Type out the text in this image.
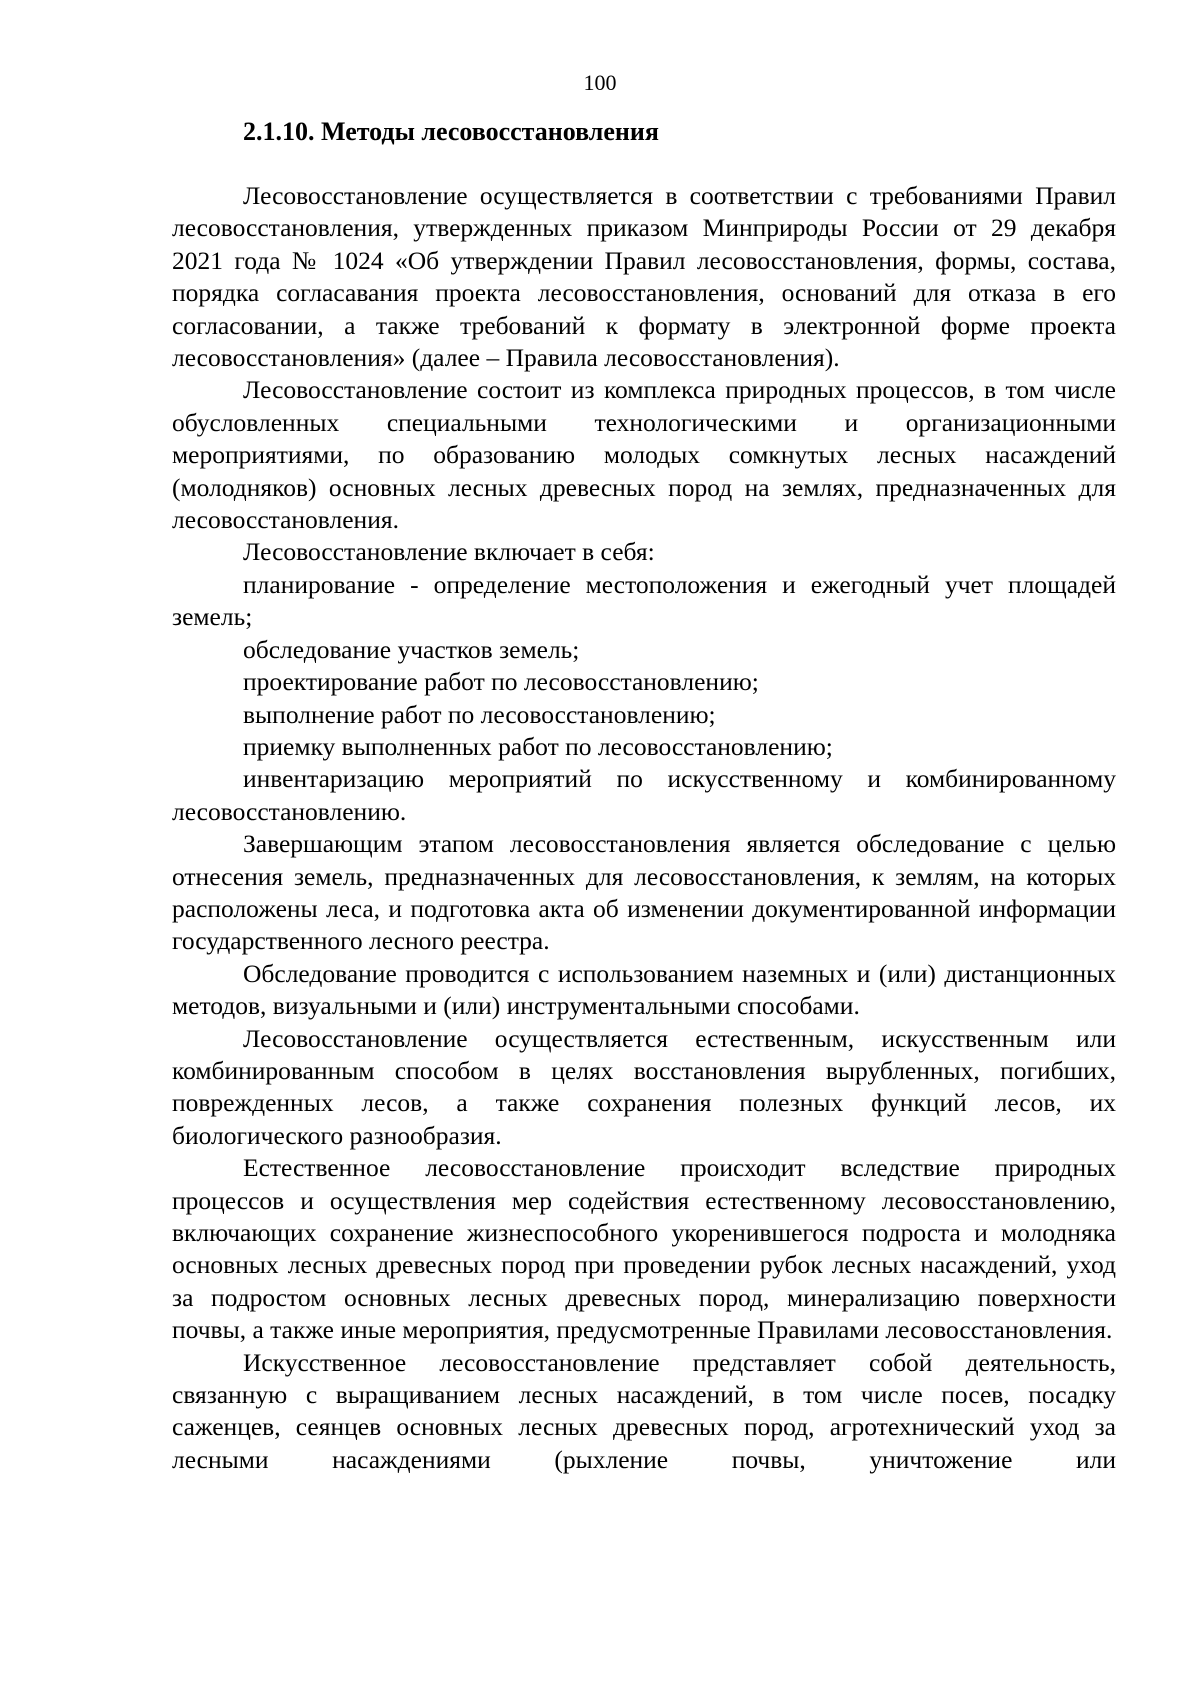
100
2.1.10. Методы лесовосстановления

Лесовосстановление осуществляется в соответствии с требованиями Правил лесовосстановления, утвержденных приказом Минприроды России от 29 декабря 2021 года № 1024 «Об утверждении Правил лесовосстановления, формы, состава, порядка согласавания проекта лесовосстановления, оснований для отказа в его согласовании, а также требований к формату в электронной форме проекта лесовосстановления» (далее – Правила лесовосстановления).

Лесовосстановление состоит из комплекса природных процессов, в том числе обусловленных специальными технологическими и организационными мероприятиями, по образованию молодых сомкнутых лесных насаждений (молодняков) основных лесных древесных пород на землях, предназначенных для лесовосстановления.

Лесовосстановление включает в себя:

планирование - определение местоположения и ежегодный учет площадей земель;

обследование участков земель;

проектирование работ по лесовосстановлению;

выполнение работ по лесовосстановлению;

приемку выполненных работ по лесовосстановлению;

инвентаризацию мероприятий по искусственному и комбинированному лесовосстановлению.

Завершающим этапом лесовосстановления является обследование с целью отнесения земель, предназначенных для лесовосстановления, к землям, на которых расположены леса, и подготовка акта об изменении документированной информации государственного лесного реестра.

Обследование проводится с использованием наземных и (или) дистанционных методов, визуальными и (или) инструментальными способами.

Лесовосстановление осуществляется естественным, искусственным или комбинированным способом в целях восстановления вырубленных, погибших, поврежденных лесов, а также сохранения полезных функций лесов, их биологического разнообразия.

Естественное лесовосстановление происходит вследствие природных процессов и осуществления мер содействия естественному лесовосстановлению, включающих сохранение жизнеспособного укоренившегося подроста и молодняка основных лесных древесных пород при проведении рубок лесных насаждений, уход за подростом основных лесных древесных пород, минерализацию поверхности почвы, а также иные мероприятия, предусмотренные Правилами лесовосстановления.

Искусственное лесовосстановление представляет собой деятельность, связанную с выращиванием лесных насаждений, в том числе посев, посадку саженцев, сеянцев основных лесных древесных пород, агротехнический уход за лесными насаждениями (рыхление почвы, уничтожение или
